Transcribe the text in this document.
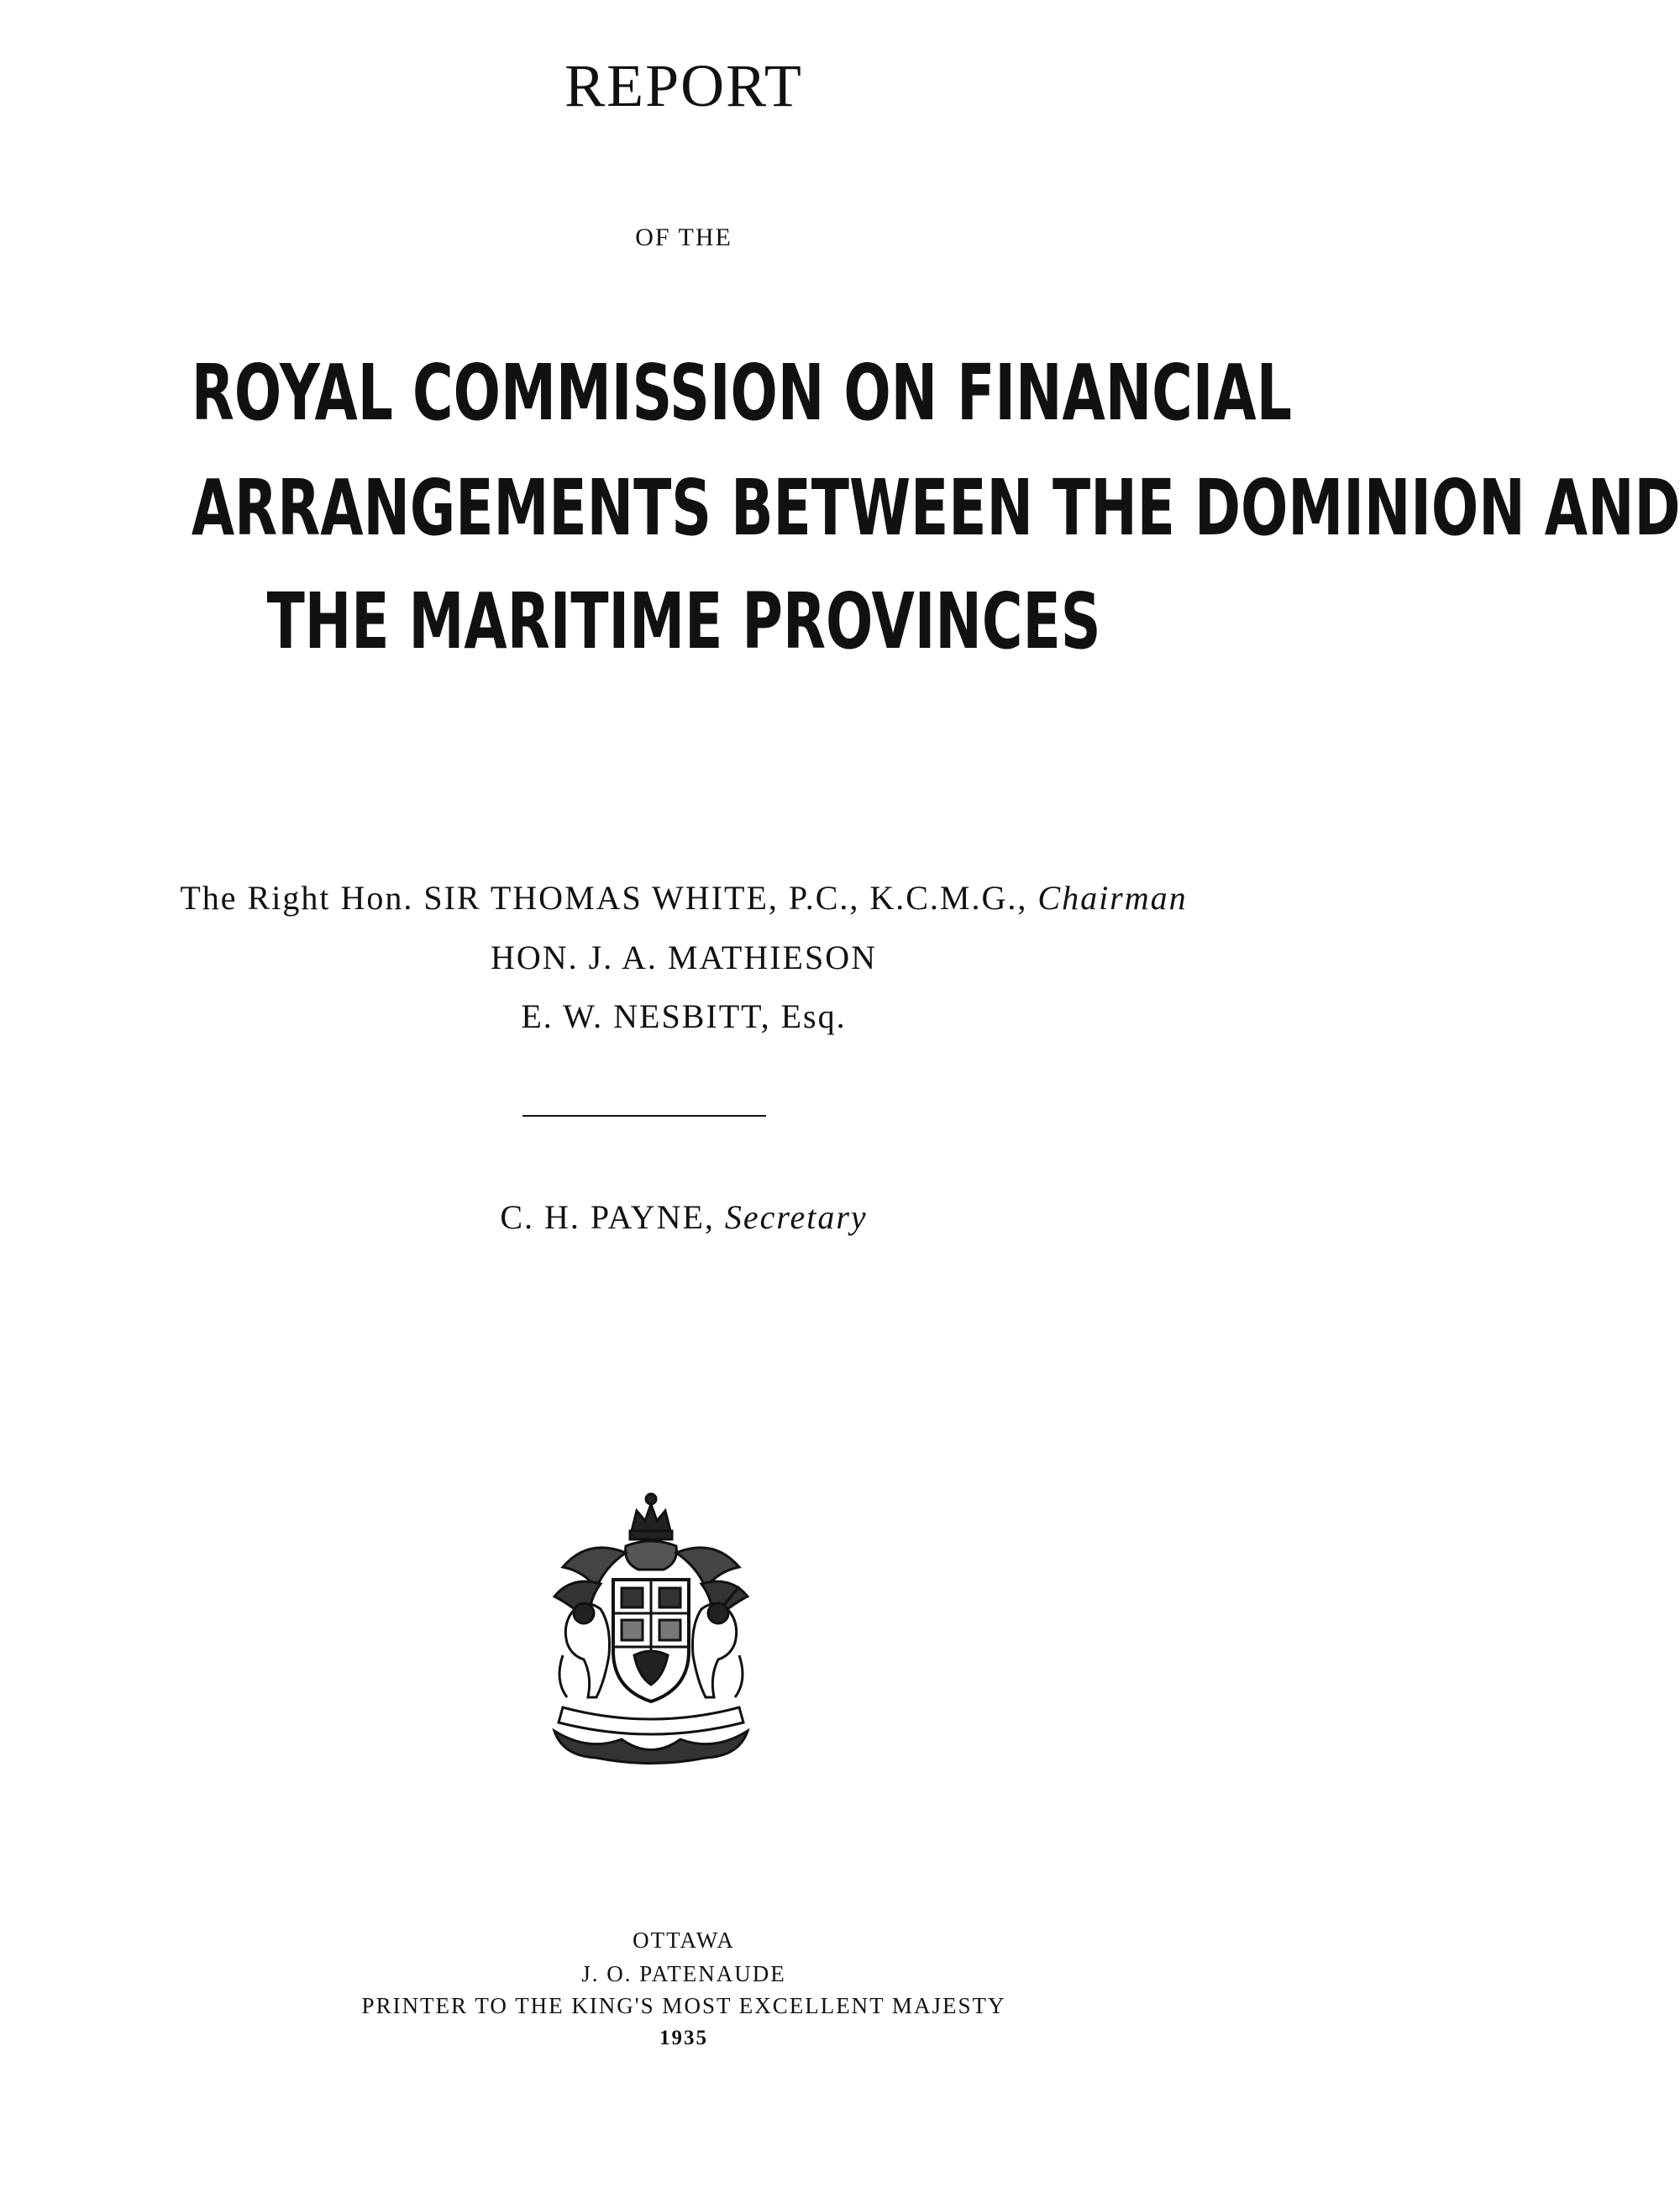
REPORT
OF THE
ROYAL COMMISSION ON FINANCIAL
ARRANGEMENTS BETWEEN THE DOMINION AND
THE MARITIME PROVINCES
The Right Hon. SIR THOMAS WHITE, P.C., K.C.M.G., Chairman
HON. J. A. MATHIESON
E. W. NESBITT, Esq.
C. H. PAYNE, Secretary
OTTAWA
J. O. PATENAUDE
PRINTER TO THE KING'S MOST EXCELLENT MAJESTY
1935
